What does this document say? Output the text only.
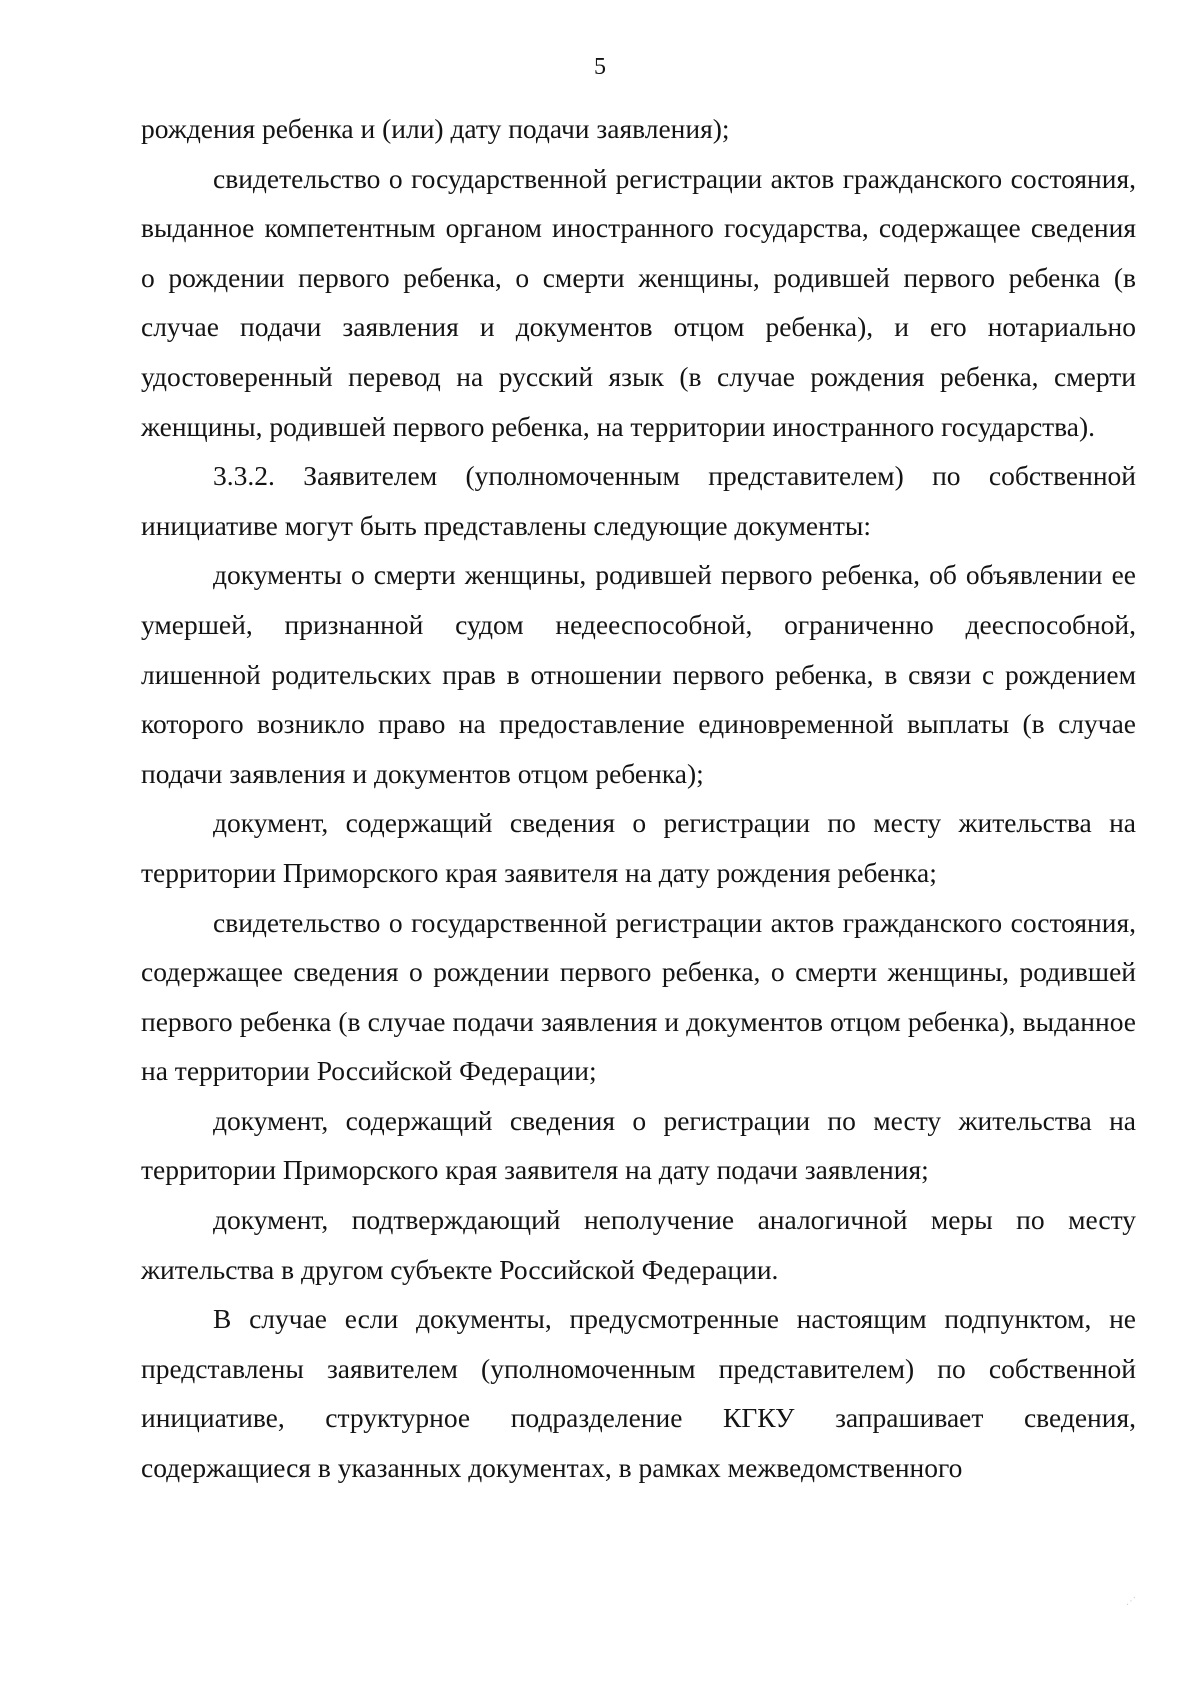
5

рождения ребенка и (или) дату подачи заявления);

свидетельство о государственной регистрации актов гражданского состояния, выданное компетентным органом иностранного государства, содержащее сведения о рождении первого ребенка, о смерти женщины, родившей первого ребенка (в случае подачи заявления и документов отцом ребенка), и его нотариально удостоверенный перевод на русский язык (в случае рождения ребенка, смерти женщины, родившей первого ребенка, на территории иностранного государства).

3.3.2. Заявителем (уполномоченным представителем) по собственной инициативе могут быть представлены следующие документы:

документы о смерти женщины, родившей первого ребенка, об объявлении ее умершей, признанной судом недееспособной, ограниченно дееспособной, лишенной родительских прав в отношении первого ребенка, в связи с рождением которого возникло право на предоставление единовременной выплаты (в случае подачи заявления и документов отцом ребенка);

документ, содержащий сведения о регистрации по месту жительства на территории Приморского края заявителя на дату рождения ребенка;

свидетельство о государственной регистрации актов гражданского состояния, содержащее сведения о рождении первого ребенка, о смерти женщины, родившей первого ребенка (в случае подачи заявления и документов отцом ребенка), выданное на территории Российской Федерации;

документ, содержащий сведения о регистрации по месту жительства на территории Приморского края заявителя на дату подачи заявления;

документ, подтверждающий неполучение аналогичной меры по месту жительства в другом субъекте Российской Федерации.

В случае если документы, предусмотренные настоящим подпунктом, не представлены заявителем (уполномоченным представителем) по собственной инициативе, структурное подразделение КГКУ запрашивает сведения, содержащиеся в указанных документах, в рамках межведомственного

⋰
